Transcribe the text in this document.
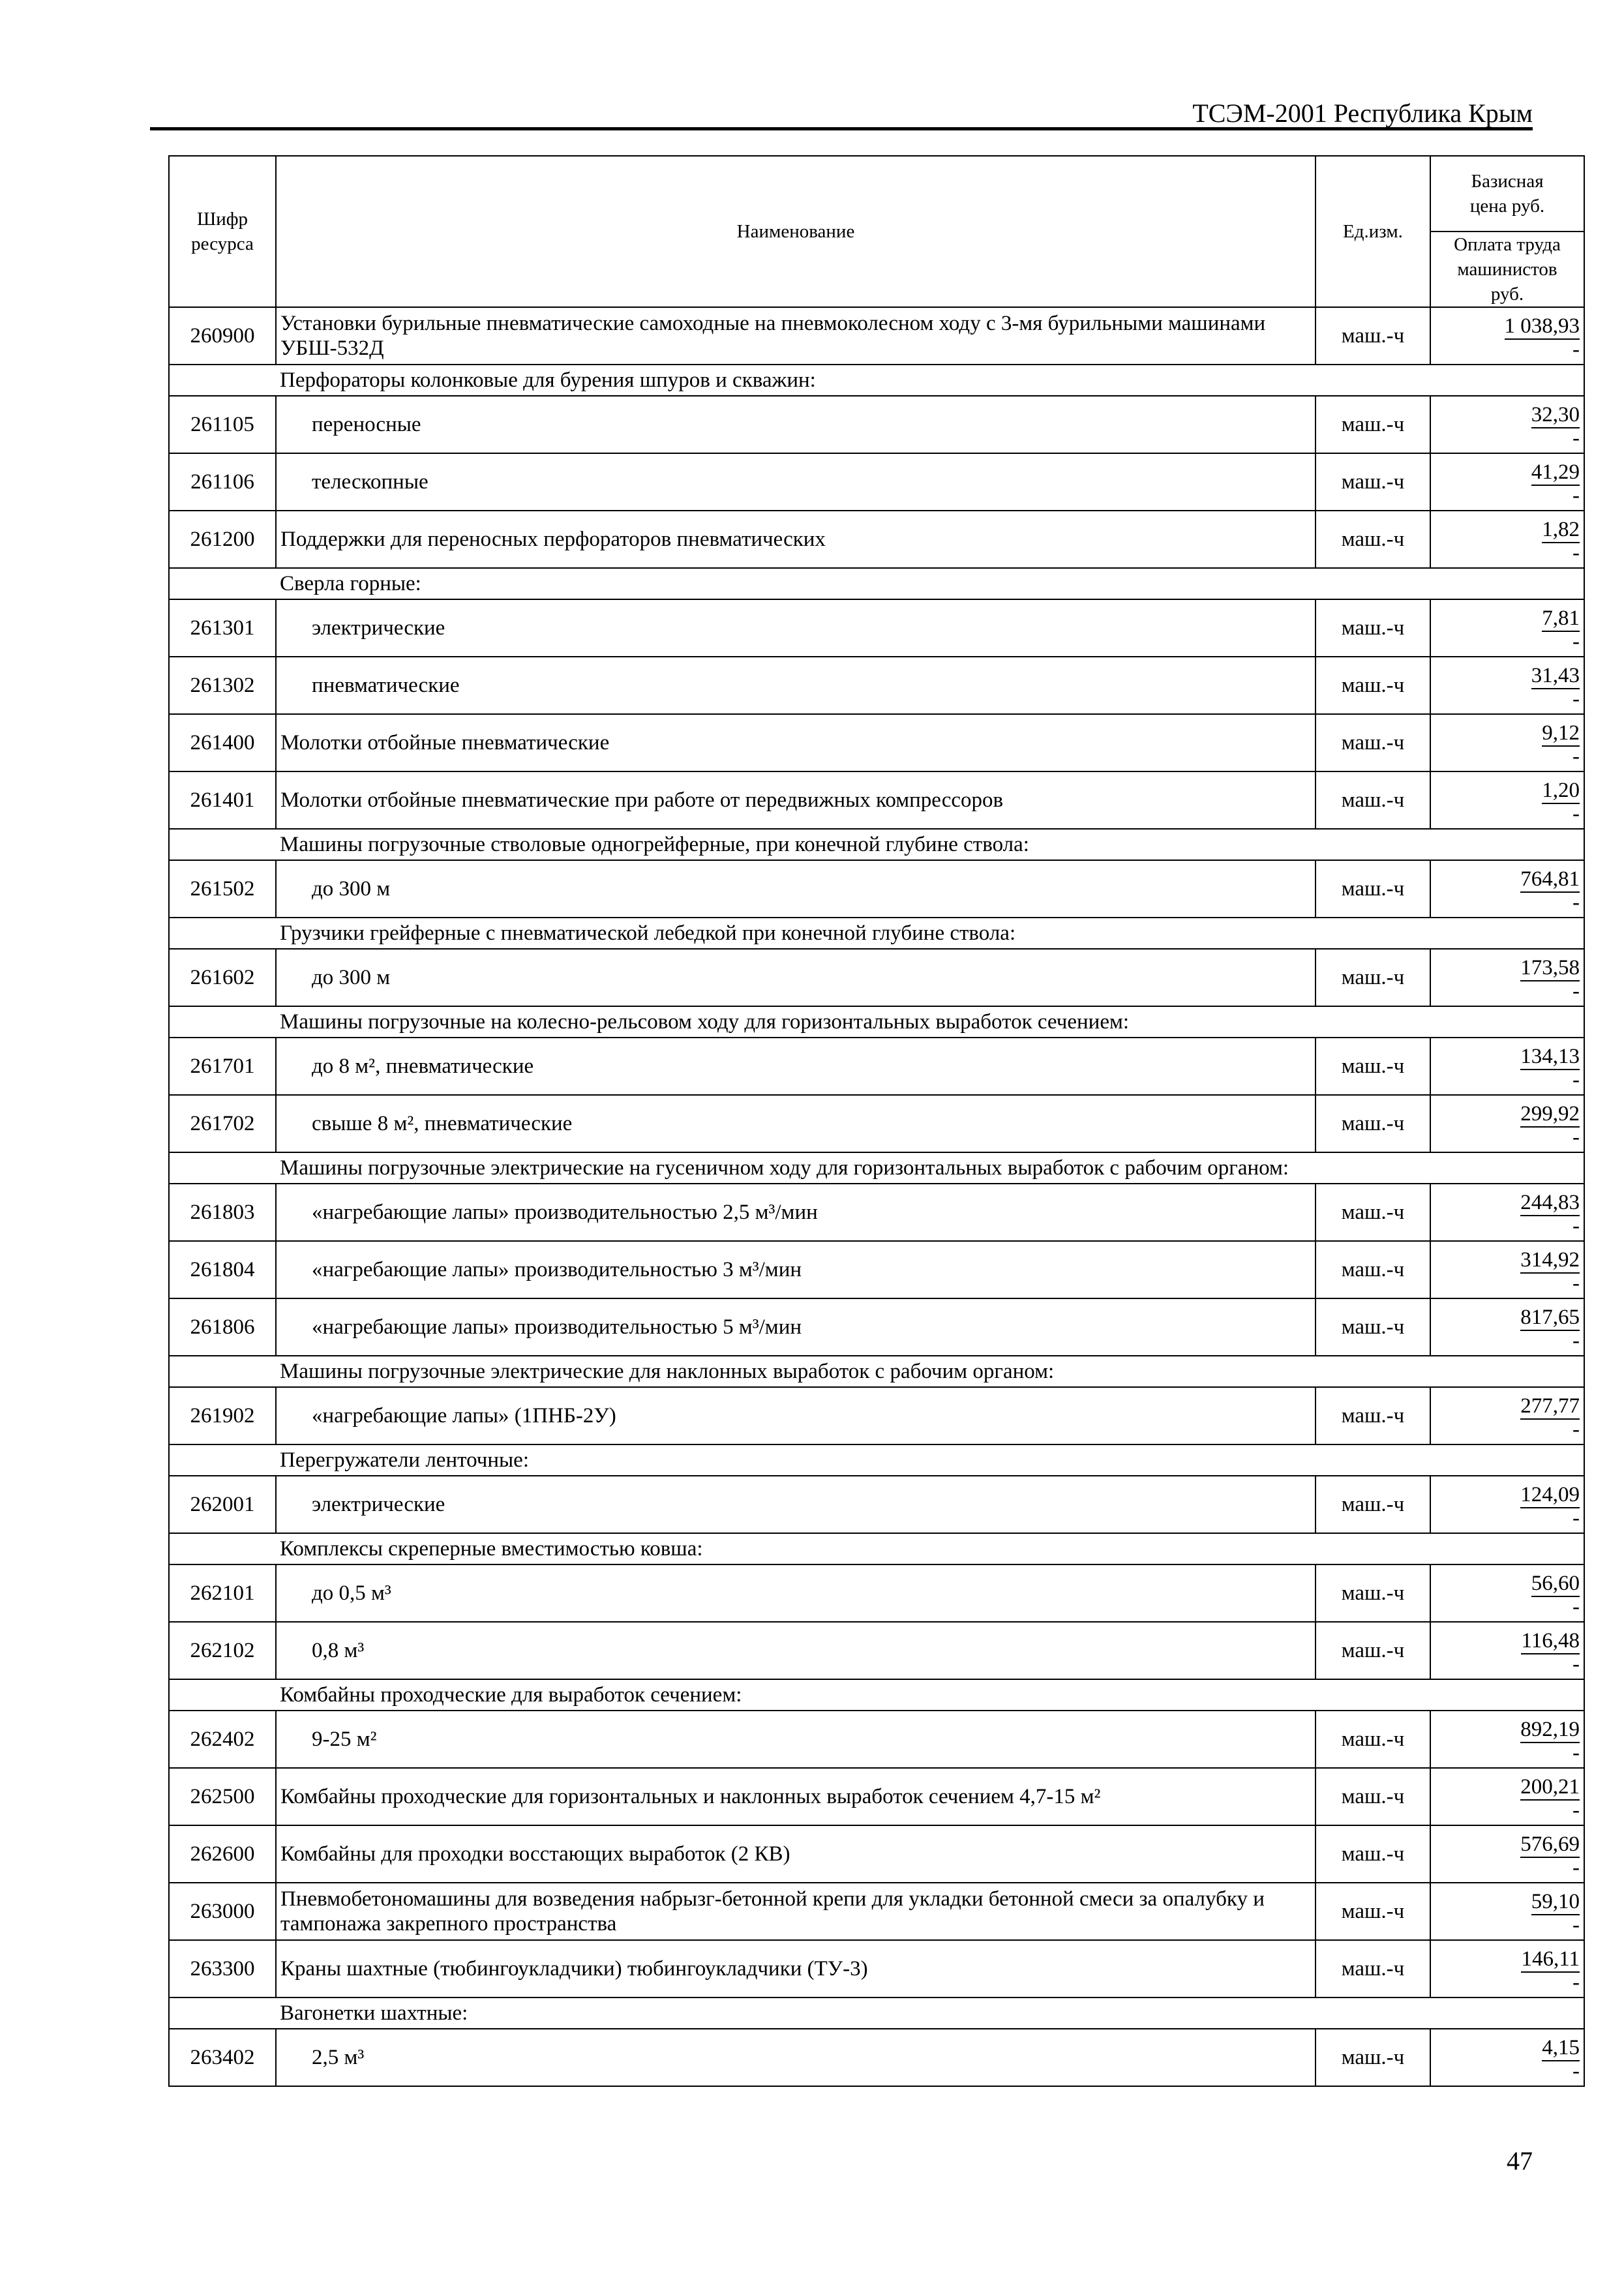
ТСЭМ-2001 Республика Крым
Шифр ресурса	Наименование	Ед.изм.	Базисная цена руб.
Оплата труда машинистов руб.

260900	Установки бурильные пневматические самоходные на пневмоколесном ходу с 3-мя бурильными машинами УБШ-532Д	маш.-ч	1 038,93
-

	Перфораторы колонковые для бурения шпуров и скважин:		
261105	переносные	маш.-ч	32,30
-

261106	телескопные	маш.-ч	41,29
-

261200	Поддержки для переносных перфораторов пневматических	маш.-ч	1,82
-

	Сверла горные:		
261301	электрические	маш.-ч	7,81
-

261302	пневматические	маш.-ч	31,43
-

261400	Молотки отбойные пневматические	маш.-ч	9,12
-

261401	Молотки отбойные пневматические при работе от передвижных компрессоров	маш.-ч	1,20
-

	Машины погрузочные стволовые одногрейферные, при конечной глубине ствола:		
261502	до 300 м	маш.-ч	764,81
-

	Грузчики грейферные с пневматической лебедкой при конечной глубине ствола:		
261602	до 300 м	маш.-ч	173,58
-

	Машины погрузочные на колесно-рельсовом ходу для горизонтальных выработок сечением:		
261701	до 8 м², пневматические	маш.-ч	134,13
-

261702	свыше 8 м², пневматические	маш.-ч	299,92
-

	Машины погрузочные электрические на гусеничном ходу для горизонтальных выработок с рабочим органом:		
261803	«нагребающие лапы» производительностью 2,5 м³/мин	маш.-ч	244,83
-

261804	«нагребающие лапы» производительностью 3 м³/мин	маш.-ч	314,92
-

261806	«нагребающие лапы» производительностью 5 м³/мин	маш.-ч	817,65
-

	Машины погрузочные электрические для наклонных выработок с рабочим органом:		
261902	«нагребающие лапы» (1ПНБ-2У)	маш.-ч	277,77
-

	Перегружатели ленточные:		
262001	электрические	маш.-ч	124,09
-

	Комплексы скреперные вместимостью ковша:		
262101	до 0,5 м³	маш.-ч	56,60
-

262102	0,8 м³	маш.-ч	116,48
-

	Комбайны проходческие для выработок сечением:		
262402	9-25 м²	маш.-ч	892,19
-

262500	Комбайны проходческие для горизонтальных и наклонных выработок сечением 4,7-15 м²	маш.-ч	200,21
-

262600	Комбайны для проходки восстающих выработок (2 КВ)	маш.-ч	576,69
-

263000	Пневмобетономашины для возведения набрызг-бетонной крепи для укладки бетонной смеси за опалубку и тампонажа закрепного пространства	маш.-ч	59,10
-

263300	Краны шахтные (тюбингоукладчики) тюбингоукладчики (ТУ-3)	маш.-ч	146,11
-

	Вагонетки шахтные:		
263402	2,5 м³	маш.-ч	4,15
-
47
